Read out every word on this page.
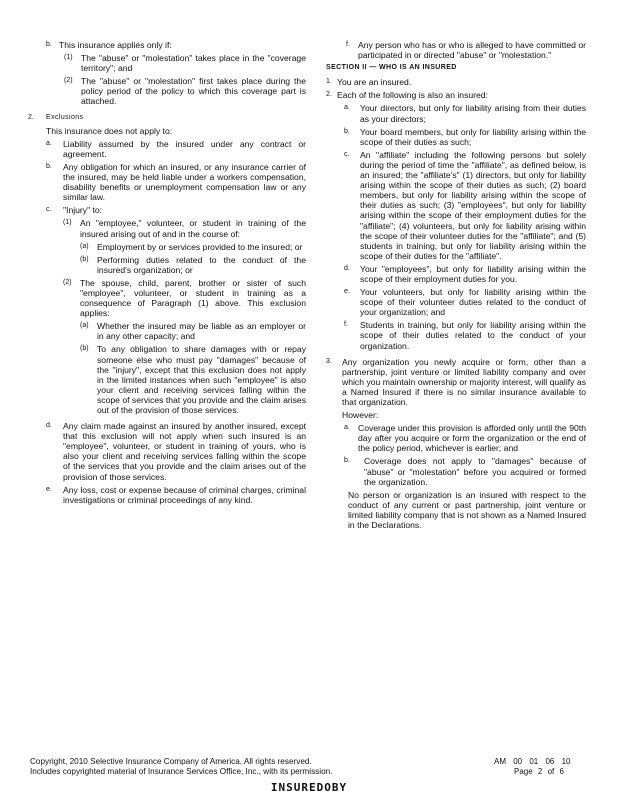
b. This insurance applies only if:
(1) The "abuse" or "molestation" takes place in the "coverage territory"; and
(2) The "abuse" or "molestation" first takes place during the policy period of the policy to which this coverage part is attached.
2.	Exclusions
This insurance does not apply to:
a.	Liability assumed by the insured under any contract or agreement.
b.	Any obligation for which an insured, or any insurance carrier of the insured, may be held liable under a workers compensation, disability benefits or unemployment compensation law or any similar law.
c.	"Injury" to:
(1) An "employee," volunteer, or student in training of the insured arising out of and in the course of:
(a) Employment by or services provided to the insured; or
(b) Performing duties related to the conduct of the insured's organization; or
(2) The spouse, child, parent, brother or sister of such "employee", volunteer, or student in training as a consequence of Paragraph (1) above. This exclusion applies:
(a) Whether the insured may be liable as an employer or in any other capacity; and
(b) To any obligation to share damages with or repay someone else who must pay "damages" because of the "injury", except that this exclusion does not apply in the limited instances when such "employee" is also your client and receiving services falling within the scope of services that you provide and the claim arises out of the provision of those services.
d.	Any claim made against an insured by another insured, except that this exclusion will not apply when such insured is an "employee", volunteer, or student in training of yours, who is also your client and receiving services falling within the scope of the services that you provide and the claim arises out of the provision of those services.
e.	Any loss, cost or expense because of criminal charges, criminal investigations or criminal proceedings of any kind.
f. Any person who has or who is alleged to have committed or participated in or directed "abuse" or "molestation."
SECTION II — WHO IS AN INSURED
1. You are an insured.
2. Each of the following is also an insured:
a.	Your directors, but only for liability arising from their duties as your directors;
b.	Your board members, but only for liability arising within the scope of their duties as such;
c.	An "affiliate" including the following persons but solely during the period of time the "affiliate", as defined below, is an insured; the "affiliate's" (1) directors, but only for liability arising within the scope of their duties as such; (2) board members, but only for liability arising within the scope of their duties as such; (3) "employees", but only for liability arising within the scope of their employment duties for the "affiliate"; (4) volunteers, but only for liability arising within the scope of their volunteer duties for the "affiliate"; and (5) students in training, but only for liability arising within the scope of their duties for the "affiliate".
d.	Your "employees", but only for liability arising within the scope of their employment duties for you.
e.	Your volunteers, but only for liability arising within the scope of their volunteer duties related to the conduct of your organization; and
f.	Students in training, but only for liability arising within the scope of their duties related to the conduct of your organization.
3.	Any organization you newly acquire or form, other than a partnership, joint venture or limited liability company and over which you maintain ownership or majority interest, will qualify as a Named Insured if there is no similar insurance available to that organization.
However:
a. Coverage under this provision is afforded only until the 90th day after you acquire or form the organization or the end of the policy period, whichever is earlier; and
b.	Coverage does not apply to "damages" because of "abuse" or "molestation" before you acquired or formed the organization.
No person or organization is an insured with respect to the conduct of any current or past partnership, joint venture or limited liability company that is not shown as a Named Insured in the Declarations.
Copyright, 2010 Selective Insurance Company of America. All rights reserved.
Includes copyrighted material of Insurance Services Office, Inc., with its permission.
AM 00 01 06 10
Page 2 of 6
INSUREDOBY
